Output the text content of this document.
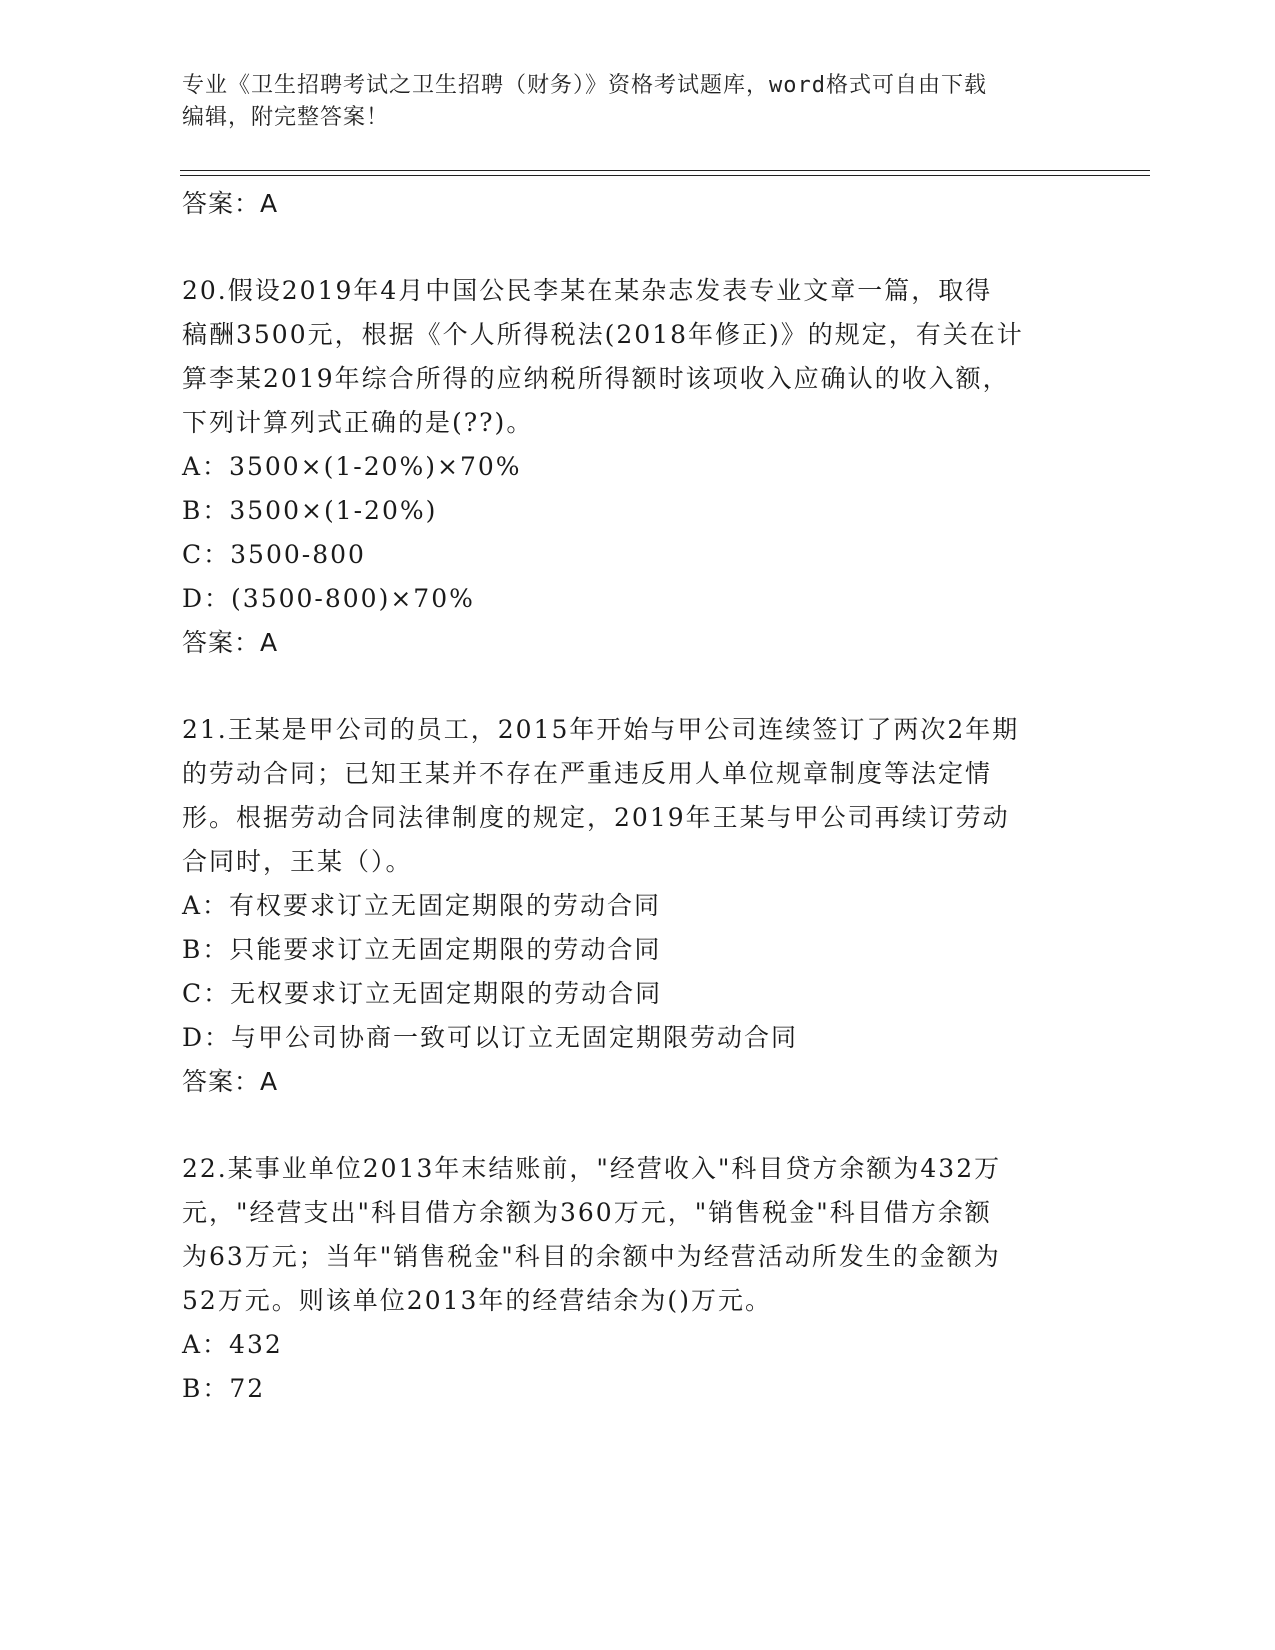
专业《卫生招聘考试之卫生招聘（财务）》资格考试题库，word格式可自由下载
编辑，附完整答案！
答案：A
20.假设2019年4月中国公民李某在某杂志发表专业文章一篇，取得
稿酬3500元，根据《个人所得税法(2018年修正)》的规定，有关在计
算李某2019年综合所得的应纳税所得额时该项收入应确认的收入额，
下列计算列式正确的是(??)。
A：3500×(1-20%)×70%
B：3500×(1-20%)
C：3500-800
D：(3500-800)×70%
答案：A
21.王某是甲公司的员工，2015年开始与甲公司连续签订了两次2年期
的劳动合同；已知王某并不存在严重违反用人单位规章制度等法定情
形。根据劳动合同法律制度的规定，2019年王某与甲公司再续订劳动
合同时，王某（）。
A：有权要求订立无固定期限的劳动合同
B：只能要求订立无固定期限的劳动合同
C：无权要求订立无固定期限的劳动合同
D：与甲公司协商一致可以订立无固定期限劳动合同
答案：A
22.某事业单位2013年末结账前，"经营收入"科目贷方余额为432万
元，"经营支出"科目借方余额为360万元，"销售税金"科目借方余额
为63万元；当年"销售税金"科目的余额中为经营活动所发生的金额为
52万元。则该单位2013年的经营结余为()万元。
A：432
B：72
